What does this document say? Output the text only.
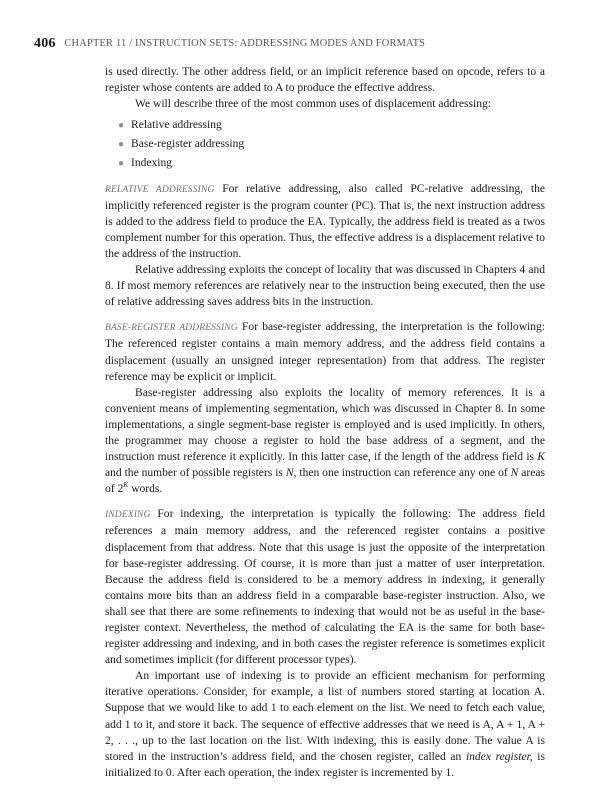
406 CHAPTER 11 / INSTRUCTION SETS: ADDRESSING MODES AND FORMATS

is used directly. The other address field, or an implicit reference based on opcode, refers to a register whose contents are added to A to produce the effective address.

We will describe three of the most common uses of displacement addressing:

● Relative addressing
● Base-register addressing
● Indexing

RELATIVE ADDRESSING For relative addressing, also called PC-relative addressing, the implicitly referenced register is the program counter (PC). That is, the next instruction address is added to the address field to produce the EA. Typically, the address field is treated as a twos complement number for this operation. Thus, the effective address is a displacement relative to the address of the instruction.

Relative addressing exploits the concept of locality that was discussed in Chapters 4 and 8. If most memory references are relatively near to the instruction being executed, then the use of relative addressing saves address bits in the instruction.

BASE-REGISTER ADDRESSING For base-register addressing, the interpretation is the following: The referenced register contains a main memory address, and the address field contains a displacement (usually an unsigned integer representation) from that address. The register reference may be explicit or implicit.

Base-register addressing also exploits the locality of memory references. It is a convenient means of implementing segmentation, which was discussed in Chapter 8. In some implementations, a single segment-base register is employed and is used implicitly. In others, the programmer may choose a register to hold the base address of a segment, and the instruction must reference it explicitly. In this latter case, if the length of the address field is K and the number of possible registers is N, then one instruction can reference any one of N areas of $2^K$ words.

INDEXING For indexing, the interpretation is typically the following: The address field references a main memory address, and the referenced register contains a positive displacement from that address. Note that this usage is just the opposite of the interpretation for base-register addressing. Of course, it is more than just a matter of user interpretation. Because the address field is considered to be a memory address in indexing, it generally contains more bits than an address field in a comparable base-register instruction. Also, we shall see that there are some refinements to indexing that would not be as useful in the base-register context. Nevertheless, the method of calculating the EA is the same for both base-register addressing and indexing, and in both cases the register reference is sometimes explicit and sometimes implicit (for different processor types).

An important use of indexing is to provide an efficient mechanism for performing iterative operations. Consider, for example, a list of numbers stored starting at location A. Suppose that we would like to add 1 to each element on the list. We need to fetch each value, add 1 to it, and store it back. The sequence of effective addresses that we need is A, A + 1, A + 2, . . ., up to the last location on the list. With indexing, this is easily done. The value A is stored in the instruction’s address field, and the chosen register, called an index register, is initialized to 0. After each operation, the index register is incremented by 1.
